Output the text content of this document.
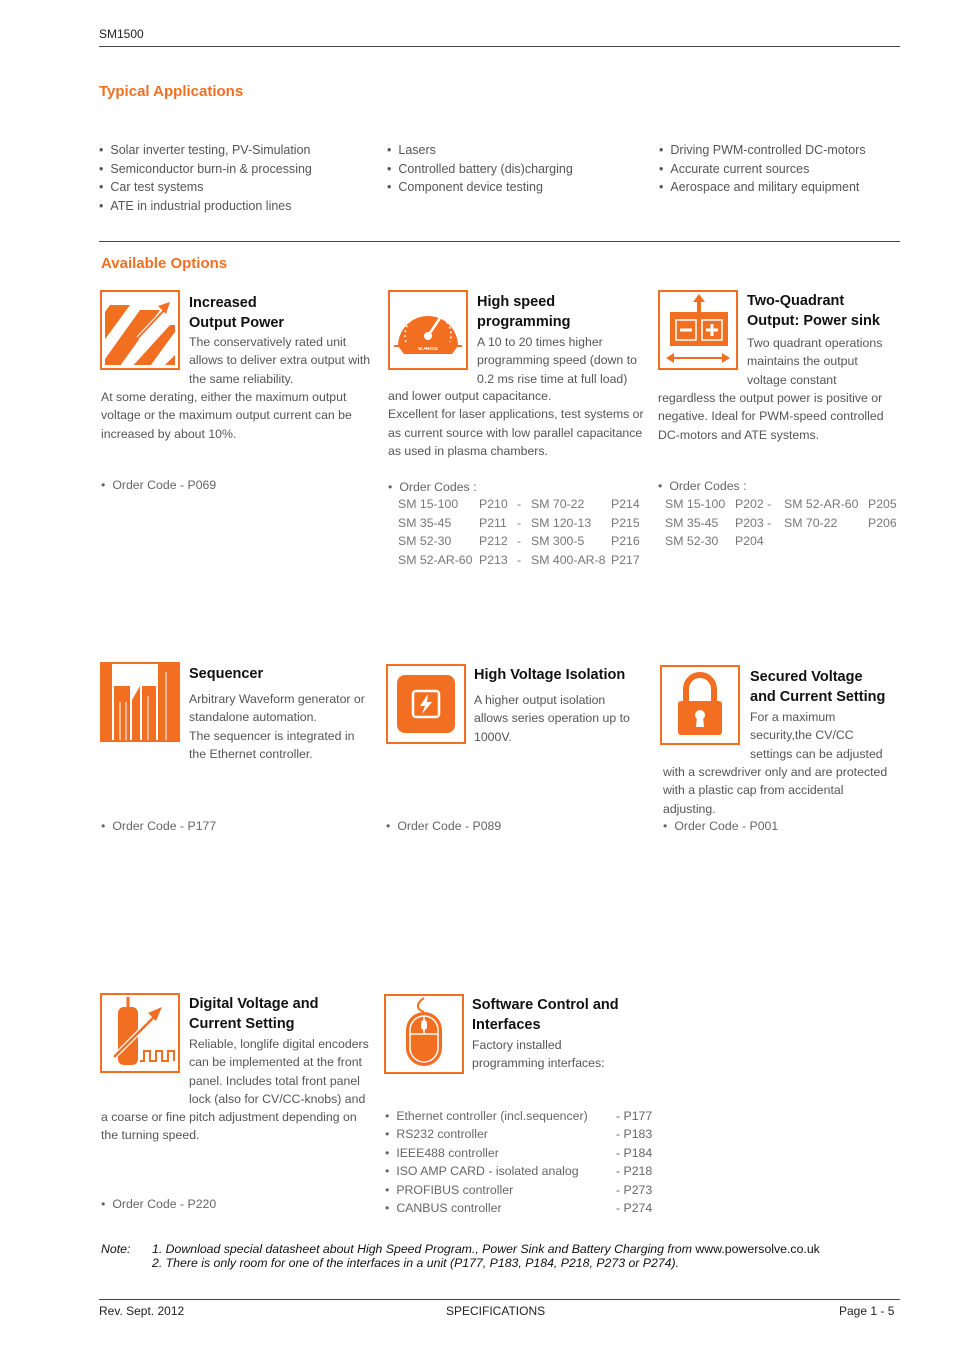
SM1500
Typical Applications
• Solar inverter testing, PV-Simulation
• Semiconductor burn-in & processing
• Car test systems
• ATE in industrial production lines
• Lasers
• Controlled battery (dis)charging
• Component device testing
• Driving PWM-controlled DC-motors
• Accurate current sources
• Aerospace and military equipment
Available Options
Increased
Output Power

The conservatively rated unit

allows to deliver extra output with

the same reliability.

At some derating, either the maximum output

voltage or the maximum output current can be

increased by about 10%.

• Order Code - P069
0.4ms
High speed
programming

A 10 to 20 times higher

programming speed (down to

0.2 ms rise time at full load)

and lower output capacitance.

Excellent for laser applications, test systems or

as current source with low parallel capacitance

as used in plasma chambers.

• Order Codes :
SM 15-100	P210	-	SM 70-22	P214
SM 35-45	P211	-	SM 120-13	P215
SM 52-30	P212	-	SM 300-5	P216
SM 52-AR-60	P213	-	SM 400-AR-8	P217
Two-Quadrant
Output: Power sink

Two quadrant operations

maintains the output

voltage constant

regardless the output power is positive or

negative. Ideal for PWM-speed controlled

DC-motors and ATE systems.

• Order Codes :
SM 15-100	P202 -	SM 52-AR-60	P205
SM 35-45	P203 -	SM 70-22	P206
SM 52-30	P204		
Sequencer

Arbitrary Waveform generator or

standalone automation.

The sequencer is integrated in

the Ethernet controller.

• Order Code - P177
High Voltage Isolation

A higher output isolation

allows series operation up to

1000V.

• Order Code - P089
Secured Voltage
and Current Setting

For a maximum

security,the CV/CC

settings can be adjusted

with a screwdriver only and are protected

with a plastic cap from accidental

adjusting.

• Order Code - P001
Digital Voltage and
Current Setting

Reliable, longlife digital encoders

can be implemented at the front

panel. Includes total front panel

lock (also for CV/CC-knobs) and

a coarse or fine pitch adjustment depending on

the turning speed.

• Order Code - P220
Software Control and
Interfaces

Factory installed

programming interfaces:

• Ethernet controller (incl.sequencer) - P177
• RS232 controller	- P183
• IEEE488 controller	- P184
• ISO AMP CARD - isolated analog	- P218
• PROFIBUS controller	- P273
• CANBUS controller	- P274
Note: 1. Download special datasheet about High Speed Program., Power Sink and Battery Charging from www.powersolve.co.uk
2. There is only room for one of the interfaces in a unit (P177, P183, P184, P218, P273 or P274).
Rev. Sept. 2012	SPECIFICATIONS	Page 1 - 5
